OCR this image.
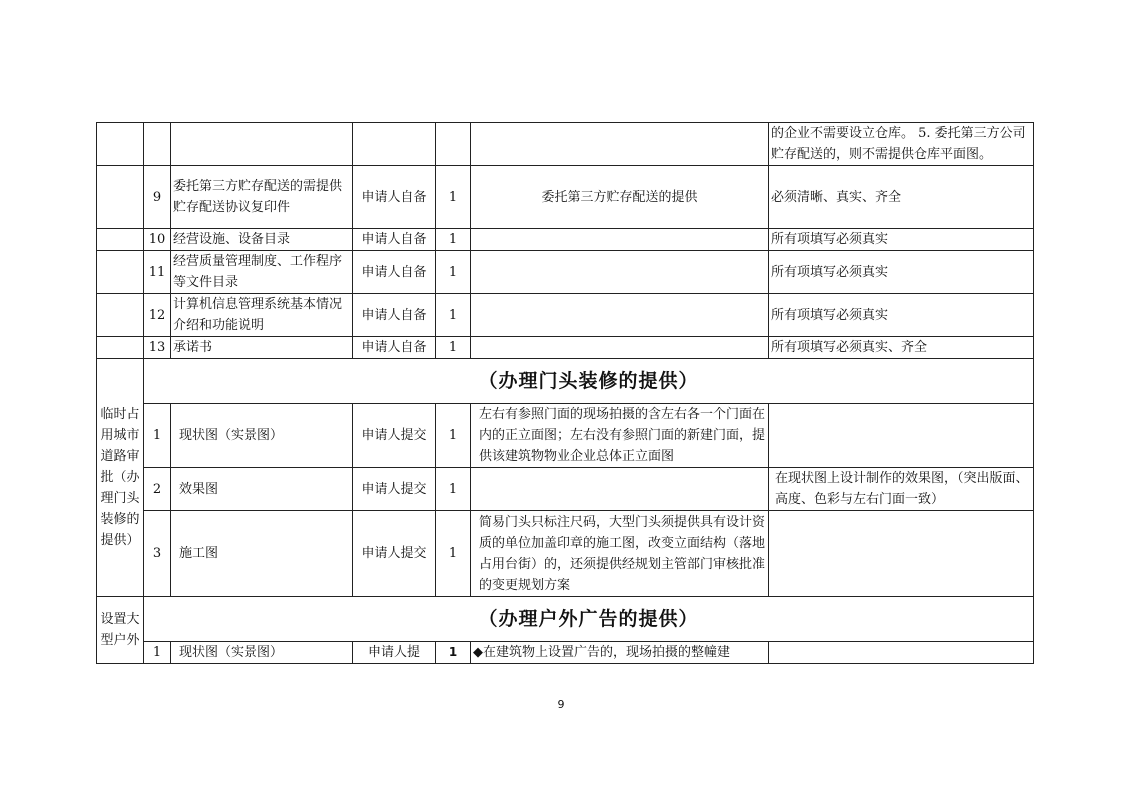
						的企业不需要设立仓库。 5. 委托第三方公司贮存配送的，则不需提供仓库平面图。
	9	委托第三方贮存配送的需提供贮存配送协议复印件	申请人自备	1	委托第三方贮存配送的提供	必须清晰、真实、齐全
	10	经营设施、设备目录	申请人自备	1		所有项填写必须真实
	11	经营质量管理制度、工作程序等文件目录	申请人自备	1		所有项填写必须真实
	12	计算机信息管理系统基本情况介绍和功能说明	申请人自备	1		所有项填写必须真实
	13	承诺书	申请人自备	1		所有项填写必须真实、齐全
临时占用城市道路审批（办理门头装修的提供）	（办理门头装修的提供）					
	1	现状图（实景图）	申请人提交	1	左右有参照门面的现场拍摄的含左右各一个门面在内的正立面图；左右没有参照门面的新建门面，提供该建筑物物业企业总体正立面图	
	2	效果图	申请人提交	1		在现状图上设计制作的效果图，（突出版面、高度、色彩与左右门面一致）
	3	施工图	申请人提交	1	简易门头只标注尺码，大型门头须提供具有设计资质的单位加盖印章的施工图，改变立面结构（落地占用台街）的，还须提供经规划主管部门审核批准的变更规划方案	
设置大型户外	（办理户外广告的提供）					
	1	现状图（实景图）	申请人提	1	◆在建筑物上设置广告的，现场拍摄的整幢建	
9
